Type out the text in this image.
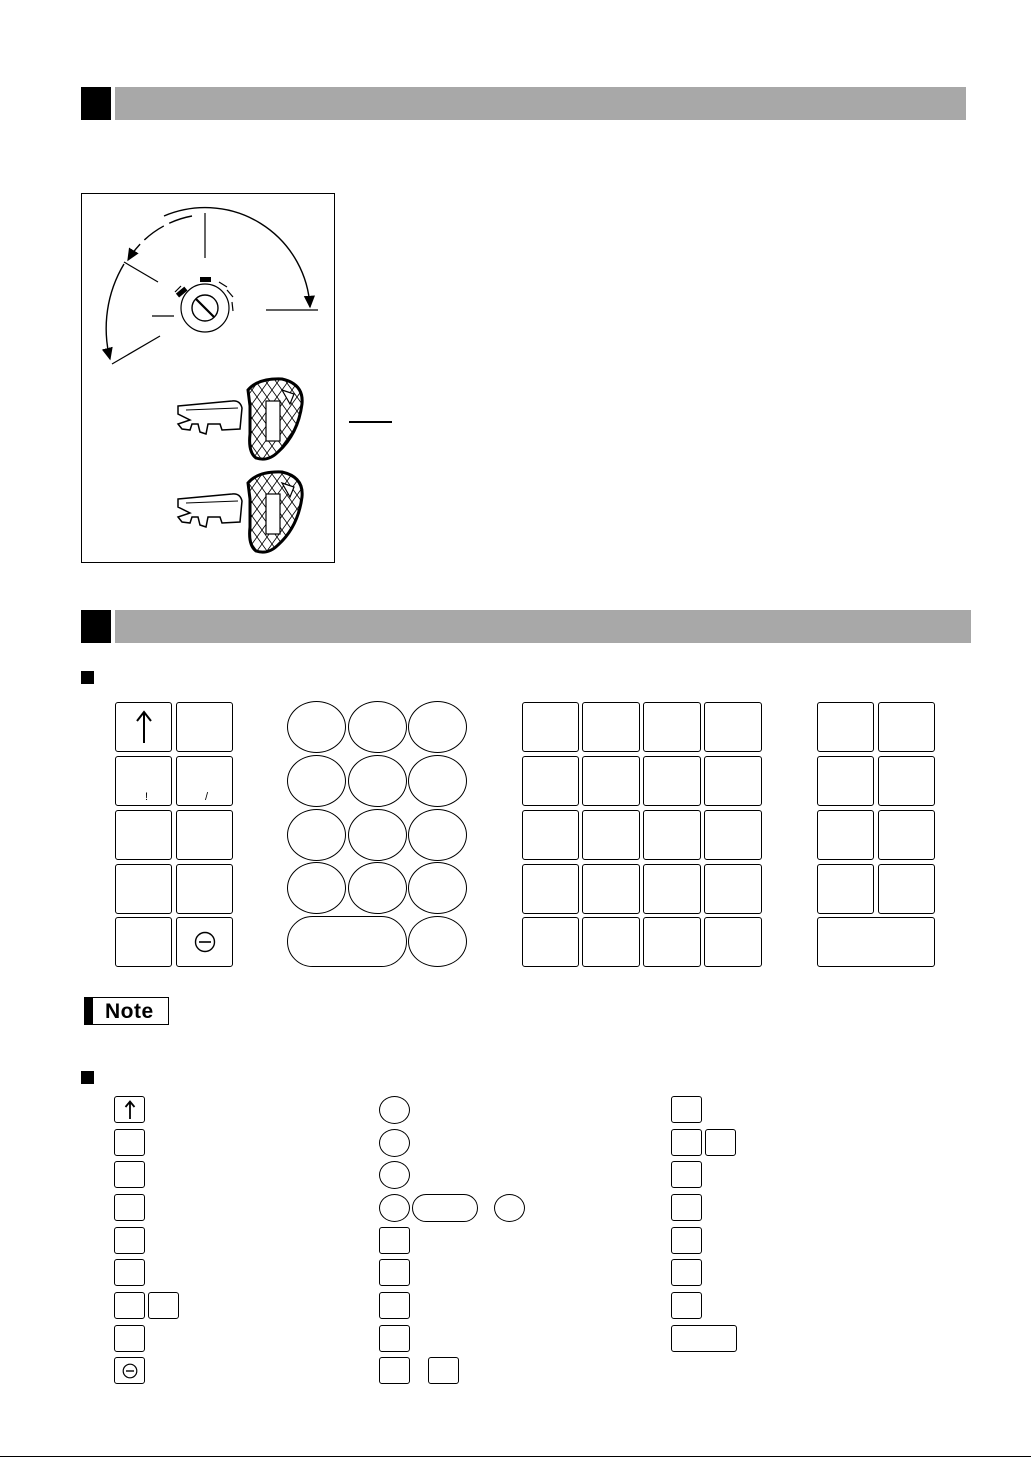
!	/
Note
